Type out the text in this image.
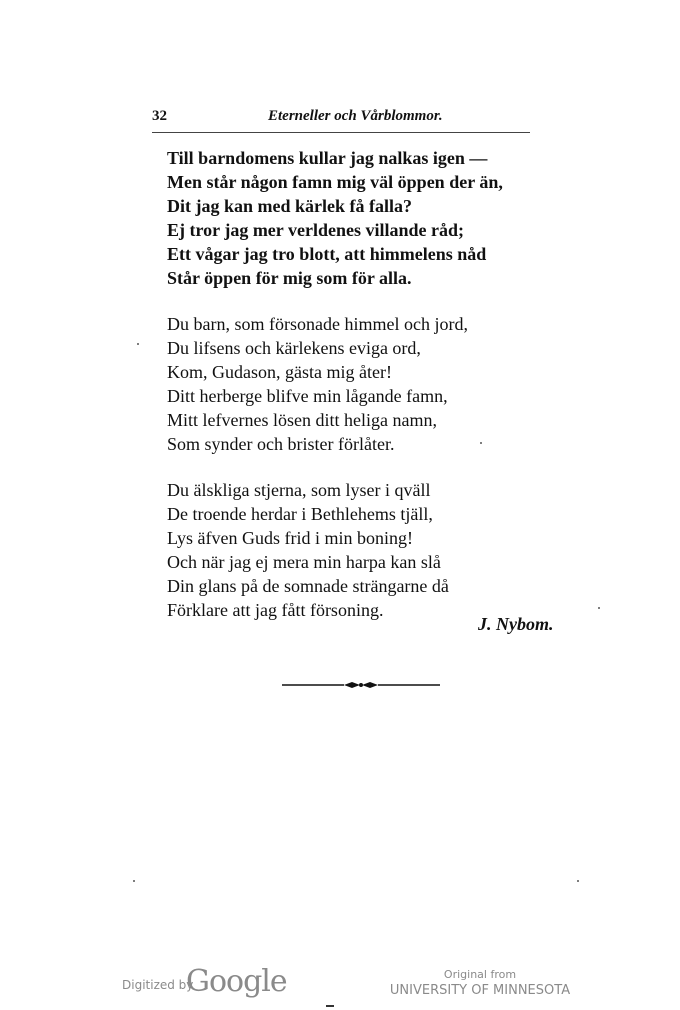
32	Eterneller och Vårblommor.
Till barndomens kullar jag nalkas igen —
Men står någon famn mig väl öppen der än,
Dit jag kan med kärlek få falla?
Ej tror jag mer verldenes villande råd;
Ett vågar jag tro blott, att himmelens nåd
Står öppen för mig som för alla.
Du barn, som försonade himmel och jord,
Du lifsens och kärlekens eviga ord,
Kom, Gudason, gästa mig åter!
Ditt herberge blifve min lågande famn,
Mitt lefvernes lösen ditt heliga namn,
Som synder och brister förlåter.
Du älskliga stjerna, som lyser i qväll
De troende herdar i Bethlehems tjäll,
Lys äfven Guds frid i min boning!
Och när jag ej mera min harpa kan slå
Din glans på de somnade strängarne då
Förklare att jag fått försoning.
J. Nybom.
Digitized by
Google	Original from
UNIVERSITY OF MINNESOTA
